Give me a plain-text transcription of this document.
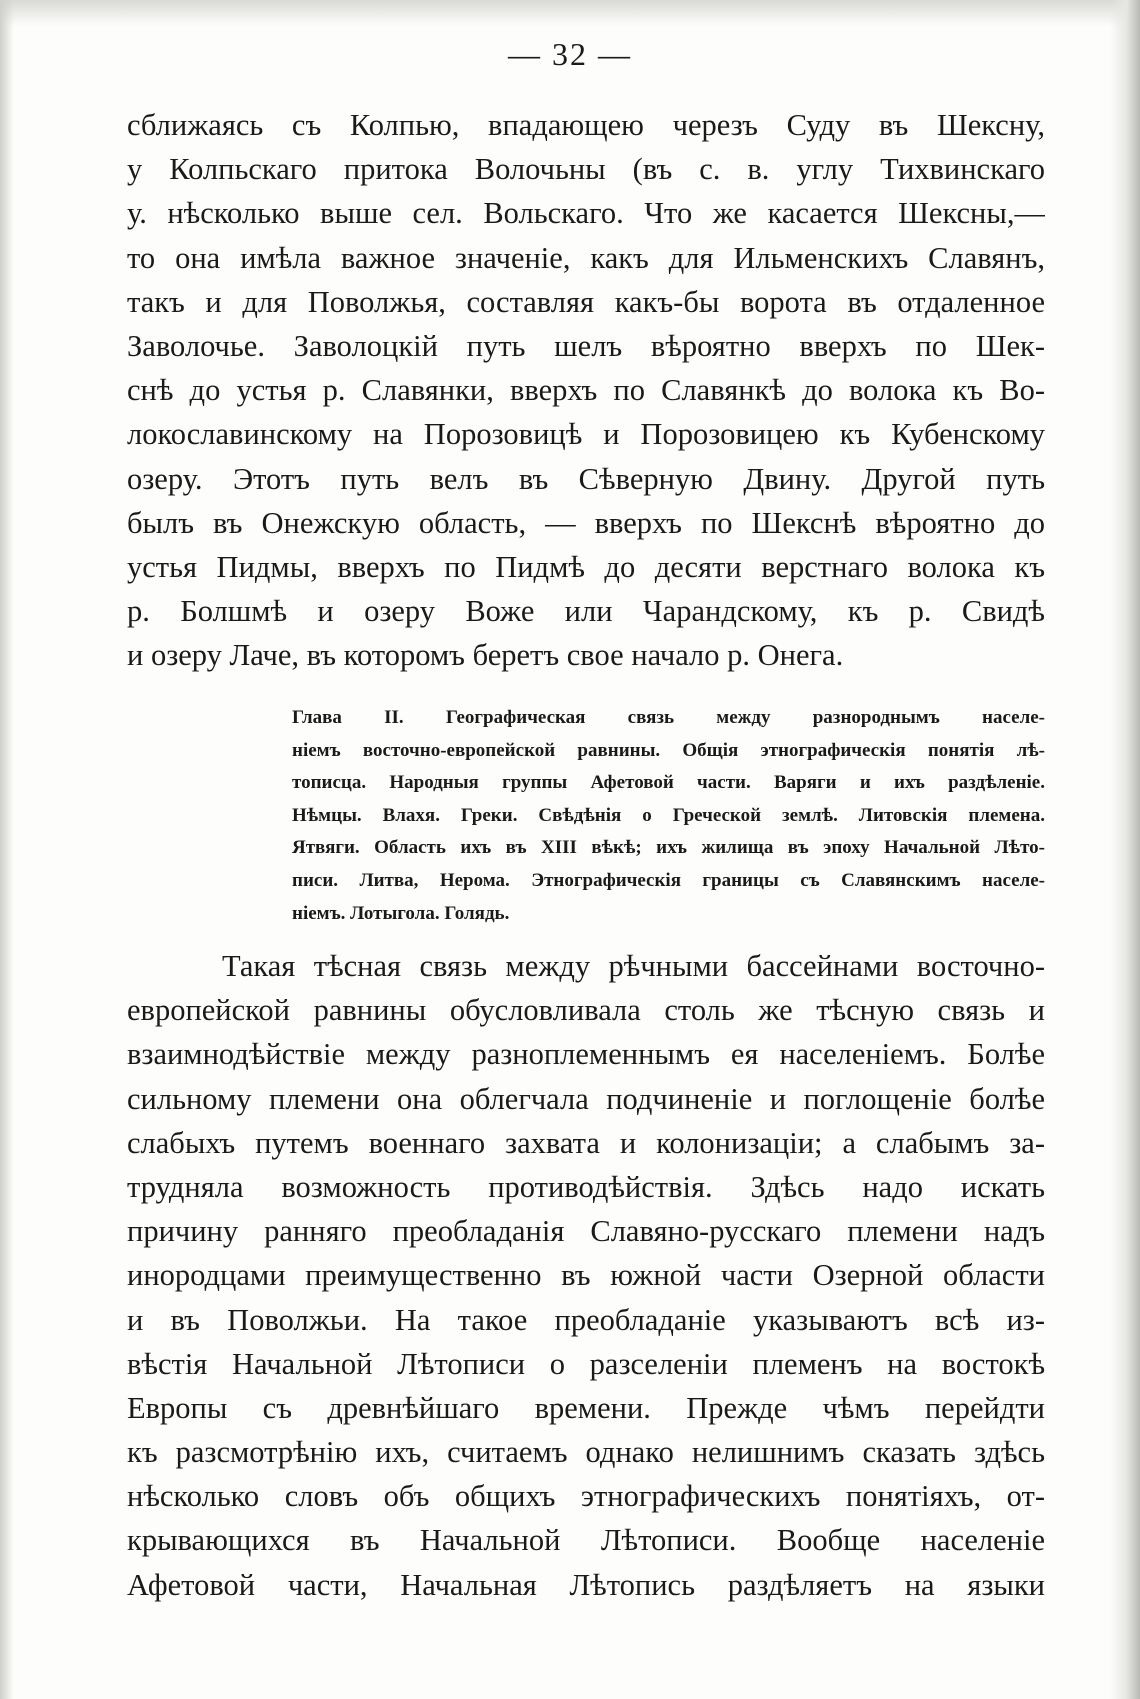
— 32 —
сближаясь съ Колпью, впадающею черезъ Суду въ Шексну,
у Колпьскаго притока Волочьны (въ с. в. углу Тихвинскаго
у. нѣсколько выше сел. Вольскаго. Что же касается Шексны,—
то она имѣла важное значенiе, какъ для Ильменскихъ Славянъ,
такъ и для Поволжья, составляя какъ-бы ворота въ отдаленное
Заволочье. Заволоцкiй путь шелъ вѣроятно вверхъ по Шек-
снѣ до устья р. Славянки, вверхъ по Славянкѣ до волока къ Во-
локославинскому на Порозовицѣ и Порозовицею къ Кубенскому
озеру. Этотъ путь велъ въ Сѣверную Двину. Другой путь
былъ въ Онежскую область, — вверхъ по Шекснѣ вѣроятно до
устья Пидмы, вверхъ по Пидмѣ до десяти верстнаго волока къ
р. Болшмѣ и озеру Воже или Чарандскому, къ р. Свидѣ
и озеру Лаче, въ которомъ беретъ свое начало р. Онега.
Глава II. Географическая связь между разнороднымъ населе-
нiемъ восточно-европейской равнины. Общiя этнографическiя понятiя лѣ-
тописца. Народныя группы Афетовой части. Варяги и ихъ раздѣленiе.
Нѣмцы. Влахя. Греки. Свѣдѣнiя о Греческой землѣ. Литовскiя племена.
Ятвяги. Область ихъ въ XIII вѣкѣ; ихъ жилища въ эпоху Начальной Лѣто-
писи. Литва, Нерома. Этнографическiя границы съ Славянскимъ населе-
нiемъ. Лотыгола. Голядь.
Такая тѣсная связь между рѣчными бассейнами восточно-
европейской равнины обусловливала столь же тѣсную связь и
взаимнодѣйствiе между разноплеменнымъ ея населенiемъ. Болѣе
сильному племени она облегчала подчиненiе и поглощенiе болѣе
слабыхъ путемъ военнаго захвата и колонизацiи; а слабымъ за-
трудняла возможность противодѣйствiя. Здѣсь надо искать
причину ранняго преобладанiя Славяно-русскаго племени надъ
инородцами преимущественно въ южной части Озерной области
и въ Поволжьи. На такое преобладанiе указываютъ всѣ из-
вѣстiя Начальной Лѣтописи о разселенiи племенъ на востокѣ
Европы съ древнѣйшаго времени. Прежде чѣмъ перейдти
къ разсмотрѣнiю ихъ, считаемъ однако нелишнимъ сказать здѣсь
нѣсколько словъ объ общихъ этнографическихъ понятiяхъ, от-
крывающихся въ Начальной Лѣтописи. Вообще населенiе
Афетовой части, Начальная Лѣтопись раздѣляетъ на языки
